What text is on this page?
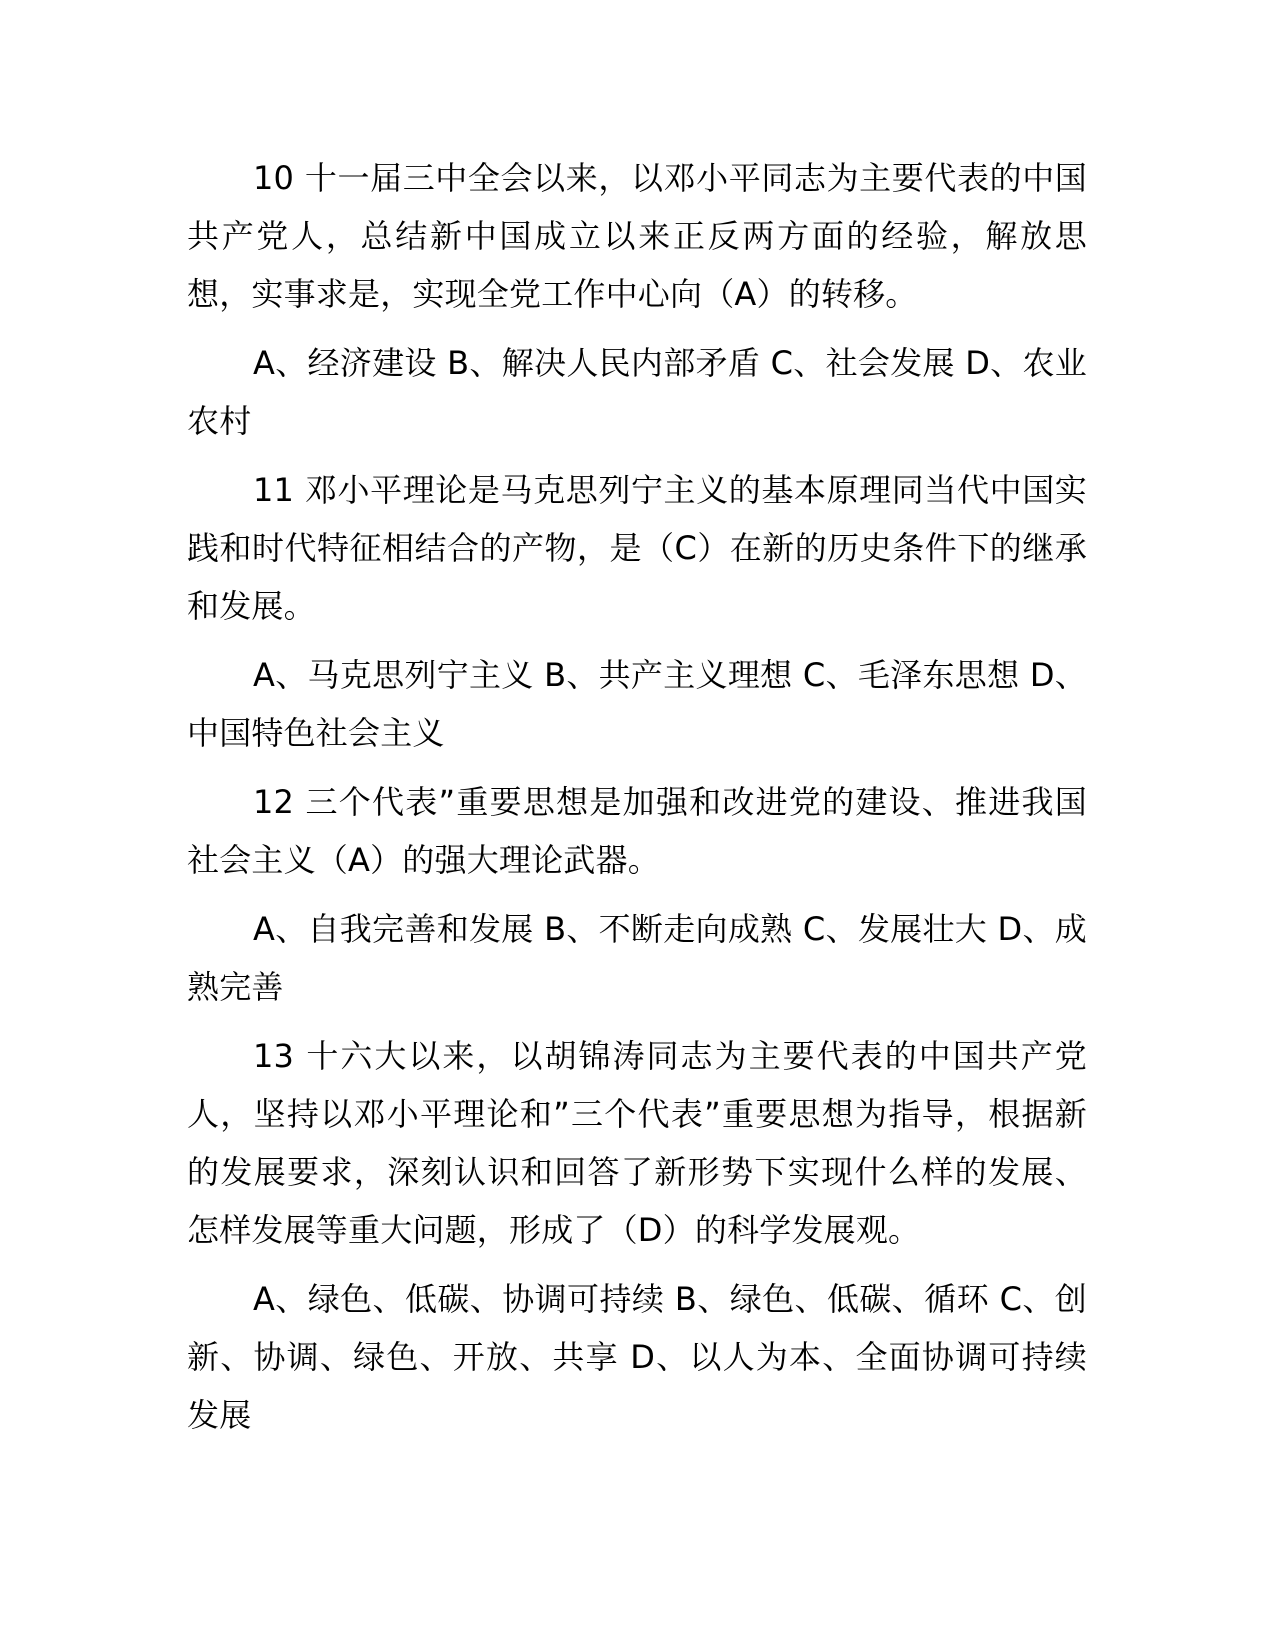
10 十一届三中全会以来，以邓小平同志为主要代表的中国共产党人，总结新中国成立以来正反两方面的经验，解放思想，实事求是，实现全党工作中心向（A）的转移。

A、经济建设 B、解决人民内部矛盾 C、社会发展 D、农业农村

11 邓小平理论是马克思列宁主义的基本原理同当代中国实践和时代特征相结合的产物，是（C）在新的历史条件下的继承和发展。

A、马克思列宁主义 B、共产主义理想 C、毛泽东思想 D、中国特色社会主义

12 三个代表”重要思想是加强和改进党的建设、推进我国社会主义（A）的强大理论武器。

A、自我完善和发展 B、不断走向成熟 C、发展壮大 D、成熟完善

13 十六大以来，以胡锦涛同志为主要代表的中国共产党人，坚持以邓小平理论和”三个代表”重要思想为指导，根据新的发展要求，深刻认识和回答了新形势下实现什么样的发展、怎样发展等重大问题，形成了（D）的科学发展观。

A、绿色、低碳、协调可持续 B、绿色、低碳、循环 C、创新、协调、绿色、开放、共享 D、以人为本、全面协调可持续发展
